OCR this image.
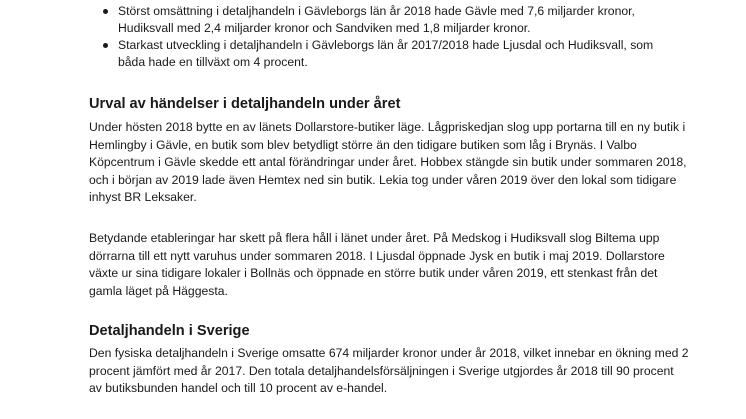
Störst omsättning i detaljhandeln i Gävleborgs län år 2018 hade Gävle med 7,6 miljarder kronor,
Hudiksvall med 2,4 miljarder kronor och Sandviken med 1,8 miljarder kronor.
Starkast utveckling i detaljhandeln i Gävleborgs län år 2017/2018 hade Ljusdal och Hudiksvall, som
båda hade en tillväxt om 4 procent.
Urval av händelser i detaljhandeln under året

Under hösten 2018 bytte en av länets Dollarstore-butiker läge. Lågpriskedjan slog upp portarna till en ny butik i
Hemlingby i Gävle, en butik som blev betydligt större än den tidigare butiken som låg i Brynäs. I Valbo
Köpcentrum i Gävle skedde ett antal förändringar under året. Hobbex stängde sin butik under sommaren 2018,
och i början av 2019 lade även Hemtex ned sin butik. Lekia tog under våren 2019 över den lokal som tidigare
inhyst BR Leksaker.

Betydande etableringar har skett på flera håll i länet under året. På Medskog i Hudiksvall slog Biltema upp
dörrarna till ett nytt varuhus under sommaren 2018. I Ljusdal öppnade Jysk en butik i maj 2019. Dollarstore
växte ur sina tidigare lokaler i Bollnäs och öppnade en större butik under våren 2019, ett stenkast från det
gamla läget på Häggesta.

Detaljhandeln i Sverige

Den fysiska detaljhandeln i Sverige omsatte 674 miljarder kronor under år 2018, vilket innebar en ökning med 2
procent jämfört med år 2017. Den totala detaljhandelsförsäljningen i Sverige utgjordes år 2018 till 90 procent
av butiksbunden handel och till 10 procent av e-handel.
